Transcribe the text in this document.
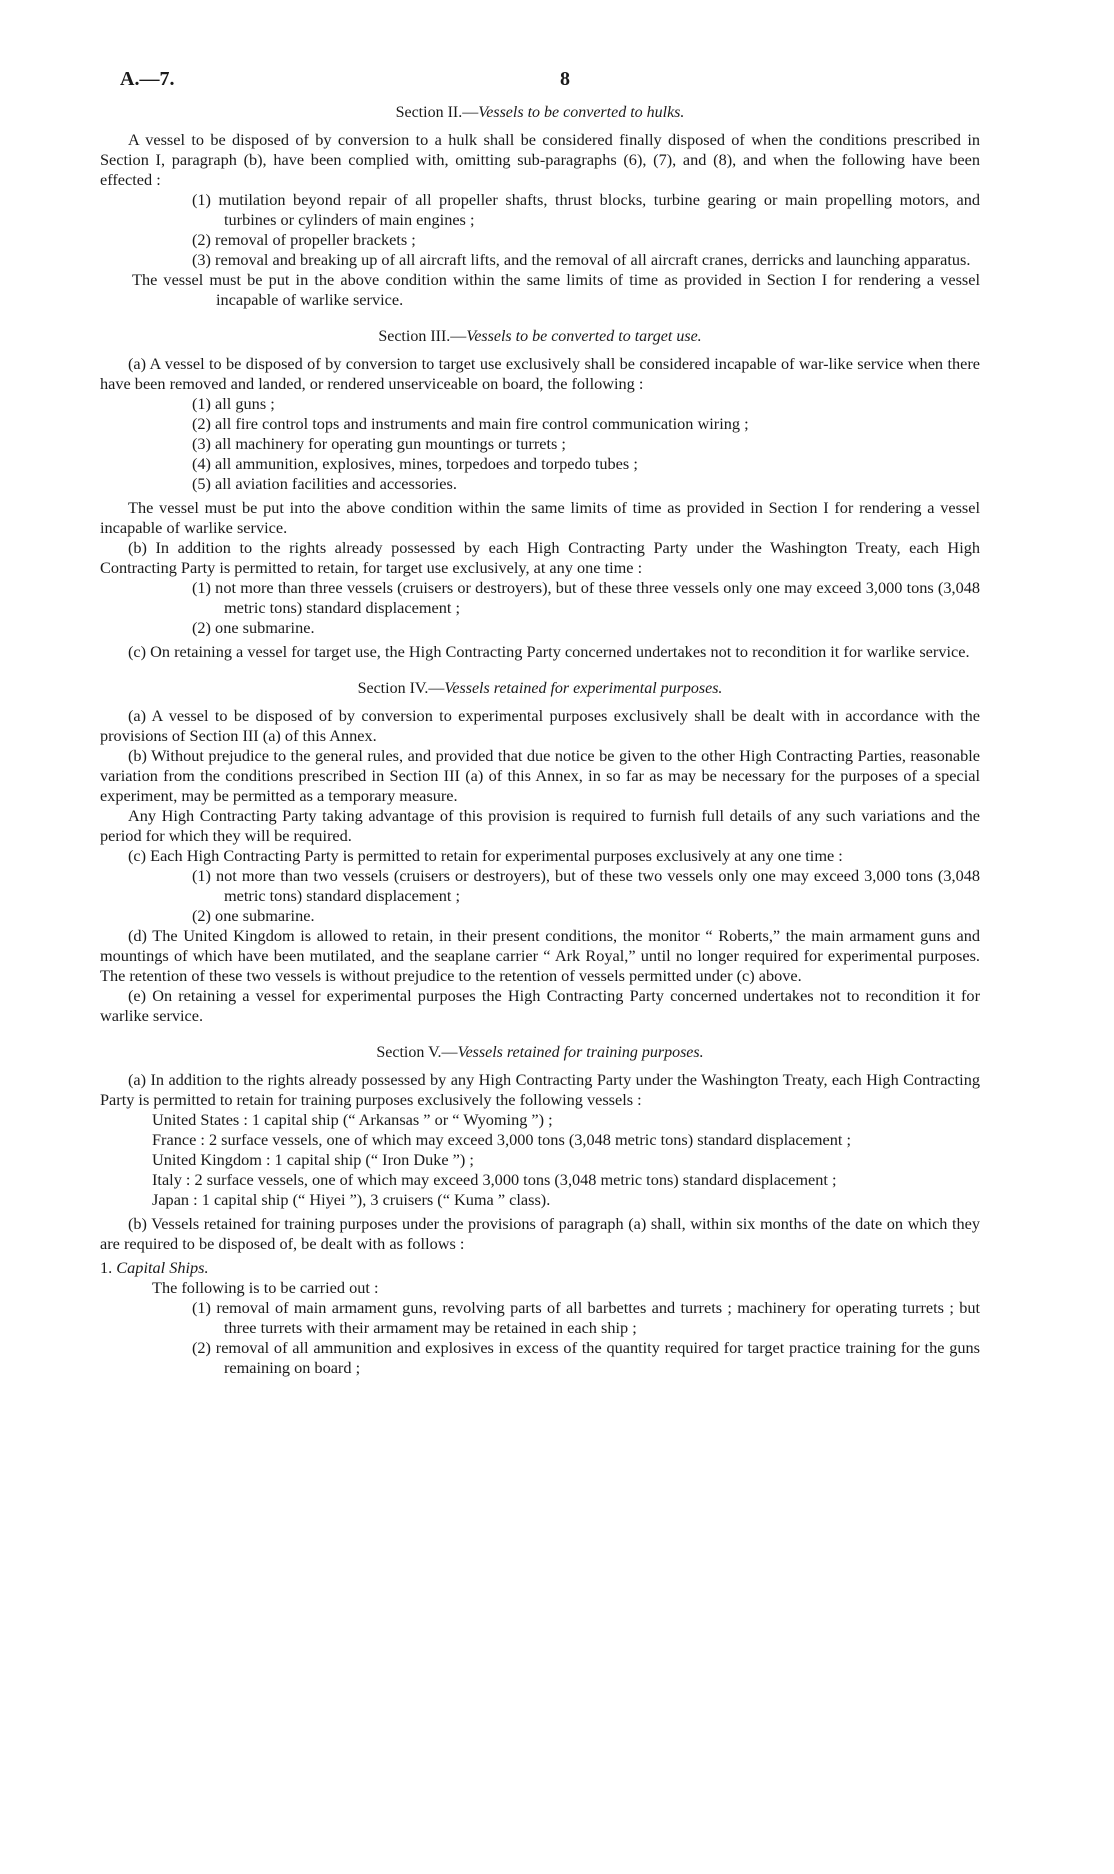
A.—7.	8
Section II.—Vessels to be converted to hulks.

A vessel to be disposed of by conversion to a hulk shall be considered finally disposed of when the conditions prescribed in Section I, paragraph (b), have been complied with, omitting sub-paragraphs (6), (7), and (8), and when the following have been effected :

(1) mutilation beyond repair of all propeller shafts, thrust blocks, turbine gearing or main propelling motors, and turbines or cylinders of main engines ;

(2) removal of propeller brackets ;

(3) removal and breaking up of all aircraft lifts, and the removal of all aircraft cranes, derricks and launching apparatus.

The vessel must be put in the above condition within the same limits of time as provided in Section I for rendering a vessel incapable of warlike service.

Section III.—Vessels to be converted to target use.

(a) A vessel to be disposed of by conversion to target use exclusively shall be considered incapable of war-like service when there have been removed and landed, or rendered unserviceable on board, the following :

(1) all guns ;

(2) all fire control tops and instruments and main fire control communication wiring ;

(3) all machinery for operating gun mountings or turrets ;

(4) all ammunition, explosives, mines, torpedoes and torpedo tubes ;

(5) all aviation facilities and accessories.

The vessel must be put into the above condition within the same limits of time as provided in Section I for rendering a vessel incapable of warlike service.

(b) In addition to the rights already possessed by each High Contracting Party under the Washington Treaty, each High Contracting Party is permitted to retain, for target use exclusively, at any one time :

(1) not more than three vessels (cruisers or destroyers), but of these three vessels only one may exceed 3,000 tons (3,048 metric tons) standard displacement ;

(2) one submarine.

(c) On retaining a vessel for target use, the High Contracting Party concerned undertakes not to recondition it for warlike service.

Section IV.—Vessels retained for experimental purposes.

(a) A vessel to be disposed of by conversion to experimental purposes exclusively shall be dealt with in accordance with the provisions of Section III (a) of this Annex.

(b) Without prejudice to the general rules, and provided that due notice be given to the other High Contracting Parties, reasonable variation from the conditions prescribed in Section III (a) of this Annex, in so far as may be necessary for the purposes of a special experiment, may be permitted as a temporary measure.

Any High Contracting Party taking advantage of this provision is required to furnish full details of any such variations and the period for which they will be required.

(c) Each High Contracting Party is permitted to retain for experimental purposes exclusively at any one time :

(1) not more than two vessels (cruisers or destroyers), but of these two vessels only one may exceed 3,000 tons (3,048 metric tons) standard displacement ;

(2) one submarine.

(d) The United Kingdom is allowed to retain, in their present conditions, the monitor “ Roberts,” the main armament guns and mountings of which have been mutilated, and the seaplane carrier “ Ark Royal,” until no longer required for experimental purposes. The retention of these two vessels is without prejudice to the retention of vessels permitted under (c) above.

(e) On retaining a vessel for experimental purposes the High Contracting Party concerned undertakes not to recondition it for warlike service.

Section V.—Vessels retained for training purposes.

(a) In addition to the rights already possessed by any High Contracting Party under the Washington Treaty, each High Contracting Party is permitted to retain for training purposes exclusively the following vessels :

United States : 1 capital ship (“ Arkansas ” or “ Wyoming ”) ;

France : 2 surface vessels, one of which may exceed 3,000 tons (3,048 metric tons) standard displacement ;

United Kingdom : 1 capital ship (“ Iron Duke ”) ;

Italy : 2 surface vessels, one of which may exceed 3,000 tons (3,048 metric tons) standard displacement ;

Japan : 1 capital ship (“ Hiyei ”), 3 cruisers (“ Kuma ” class).

(b) Vessels retained for training purposes under the provisions of paragraph (a) shall, within six months of the date on which they are required to be disposed of, be dealt with as follows :

1. Capital Ships.

The following is to be carried out :

(1) removal of main armament guns, revolving parts of all barbettes and turrets ; machinery for operating turrets ; but three turrets with their armament may be retained in each ship ;

(2) removal of all ammunition and explosives in excess of the quantity required for target practice training for the guns remaining on board ;
